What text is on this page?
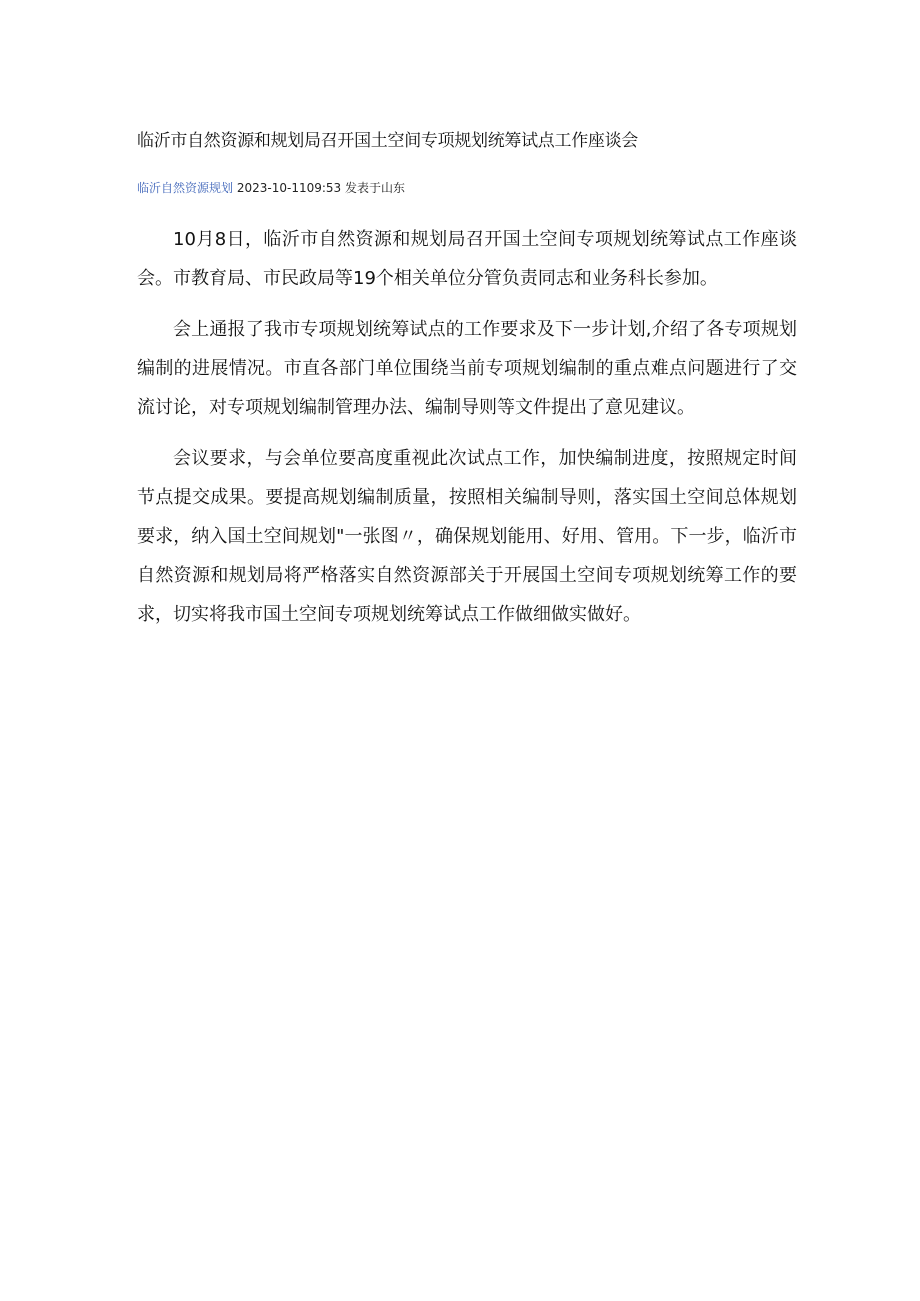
临沂市自然资源和规划局召开国土空间专项规划统筹试点工作座谈会
临沂自然资源规划 2023-10-1109:53 发表于山东

10月8日，临沂市自然资源和规划局召开国土空间专项规划统筹试点工作座谈会。市教育局、市民政局等19个相关单位分管负责同志和业务科长参加。

会上通报了我市专项规划统筹试点的工作要求及下一步计划,介绍了各专项规划编制的进展情况。市直各部门单位围绕当前专项规划编制的重点难点问题进行了交流讨论，对专项规划编制管理办法、编制导则等文件提出了意见建议。

会议要求，与会单位要高度重视此次试点工作，加快编制进度，按照规定时间节点提交成果。要提高规划编制质量，按照相关编制导则，落实国土空间总体规划要求，纳入国土空间规划"一张图〃，确保规划能用、好用、管用。下一步，临沂市自然资源和规划局将严格落实自然资源部关于开展国土空间专项规划统筹工作的要求，切实将我市国土空间专项规划统筹试点工作做细做实做好。
